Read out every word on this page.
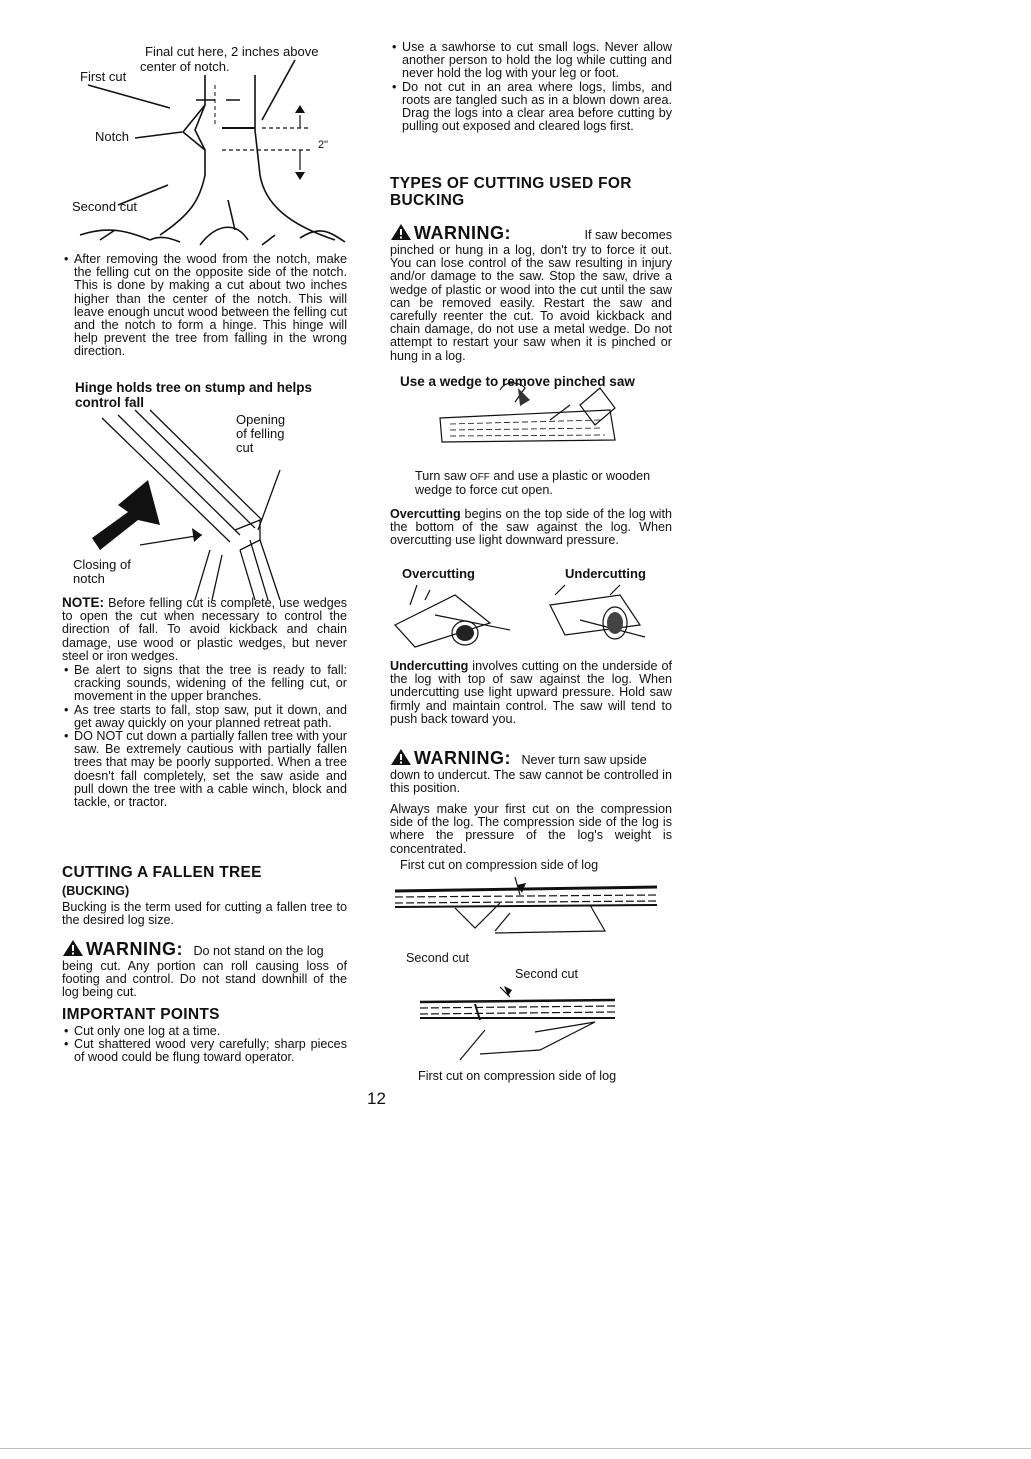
Final cut here, 2 inches above
center of notch.
First cut
Notch
Second cut
2"
• After removing the wood from the notch, make the felling cut on the opposite side of the notch. This is done by making a cut about two inches higher than the center of the notch. This will leave enough uncut wood between the felling cut and the notch to form a hinge. This hinge will help prevent the tree from falling in the wrong direction.
Hinge holds tree on stump and helps control fall
Opening of felling cut
Closing of notch
NOTE: Before felling cut is complete, use wedges to open the cut when necessary to control the direction of fall. To avoid kickback and chain damage, use wood or plastic wedges, but never steel or iron wedges.
• Be alert to signs that the tree is ready to fall: cracking sounds, widening of the felling cut, or movement in the upper branches.
• As tree starts to fall, stop saw, put it down, and get away quickly on your planned retreat path.
• DO NOT cut down a partially fallen tree with your saw. Be extremely cautious with partially fallen trees that may be poorly supported. When a tree doesn't fall completely, set the saw aside and pull down the tree with a cable winch, block and tackle, or tractor.
CUTTING A FALLEN TREE
(BUCKING)
Bucking is the term used for cutting a fallen tree to the desired log size.
WARNING: Do not stand on the log
being cut. Any portion can roll causing loss of footing and control. Do not stand downhill of the log being cut.
IMPORTANT POINTS
• Cut only one log at a time.
• Cut shattered wood very carefully; sharp pieces of wood could be flung toward operator.
• Use a sawhorse to cut small logs. Never allow another person to hold the log while cutting and never hold the log with your leg or foot.
• Do not cut in an area where logs, limbs, and roots are tangled such as in a blown down area. Drag the logs into a clear area before cutting by pulling out exposed and cleared logs first.
TYPES OF CUTTING USED FOR
BUCKING
WARNING:	If saw becomes
pinched or hung in a log, don't try to force it out. You can lose control of the saw resulting in injury and/or damage to the saw. Stop the saw, drive a wedge of plastic or wood into the cut until the saw can be removed easily. Restart the saw and carefully reenter the cut. To avoid kickback and chain damage, do not use a metal wedge. Do not attempt to restart your saw when it is pinched or hung in a log.
Use a wedge to remove pinched saw
Turn saw OFF and use a plastic or wooden wedge to force cut open.
Overcutting begins on the top side of the log with the bottom of the saw against the log. When overcutting use light downward pressure.
Overcutting	Undercutting
Undercutting involves cutting on the underside of the log with top of saw against the log. When undercutting use light upward pressure. Hold saw firmly and maintain control. The saw will tend to push back toward you.
WARNING: Never turn saw upside
down to undercut. The saw cannot be controlled in this position.
Always make your first cut on the compression side of the log. The compression side of the log is where the pressure of the log's weight is concentrated.
First cut on compression side of log
Second cut
Second cut
First cut on compression side of log
12
